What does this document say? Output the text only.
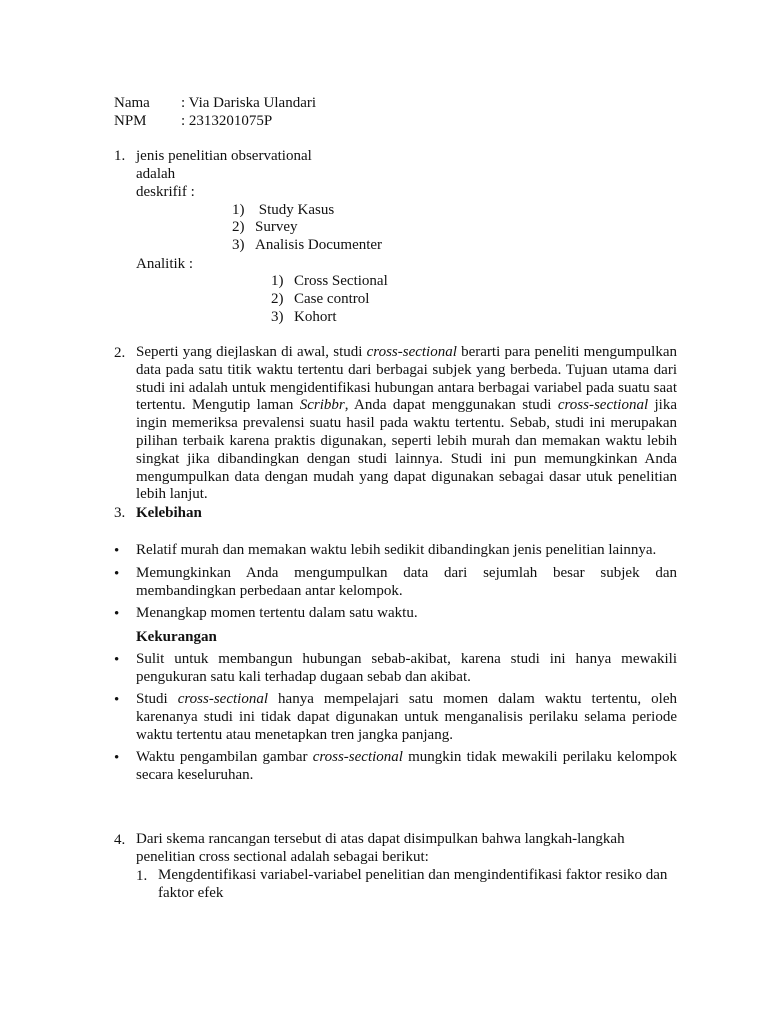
Nama : Via Dariska Ulandari
NPM : 2313201075P
1. jenis penelitian observational
adalah
deskrifif :
1) Study Kasus
2) Survey
3) Analisis Documenter
Analitik :
1) Cross Sectional
2) Case control
3) Kohort
2. Seperti yang diejlaskan di awal, studi cross-sectional berarti para peneliti mengumpulkan data pada satu titik waktu tertentu dari berbagai subjek yang berbeda. Tujuan utama dari studi ini adalah untuk mengidentifikasi hubungan antara berbagai variabel pada suatu saat tertentu. Mengutip laman Scribbr, Anda dapat menggunakan studi cross-sectional jika ingin memeriksa prevalensi suatu hasil pada waktu tertentu. Sebab, studi ini merupakan pilihan terbaik karena praktis digunakan, seperti lebih murah dan memakan waktu lebih singkat jika dibandingkan dengan studi lainnya. Studi ini pun memungkinkan Anda mengumpulkan data dengan mudah yang dapat digunakan sebagai dasar utuk penelitian lebih lanjut.
3. Kelebihan
• Relatif murah dan memakan waktu lebih sedikit dibandingkan jenis penelitian lainnya.
• Memungkinkan Anda mengumpulkan data dari sejumlah besar subjek dan membandingkan perbedaan antar kelompok.
• Menangkap momen tertentu dalam satu waktu.
Kekurangan
• Sulit untuk membangun hubungan sebab-akibat, karena studi ini hanya mewakili pengukuran satu kali terhadap dugaan sebab dan akibat.
• Studi cross-sectional hanya mempelajari satu momen dalam waktu tertentu, oleh karenanya studi ini tidak dapat digunakan untuk menganalisis perilaku selama periode waktu tertentu atau menetapkan tren jangka panjang.
• Waktu pengambilan gambar cross-sectional mungkin tidak mewakili perilaku kelompok secara keseluruhan.
4. Dari skema rancangan tersebut di atas dapat disimpulkan bahwa langkah-langkah penelitian cross sectional adalah sebagai berikut:
1. Mengdentifikasi variabel-variabel penelitian dan mengindentifikasi faktor resiko dan faktor efek
